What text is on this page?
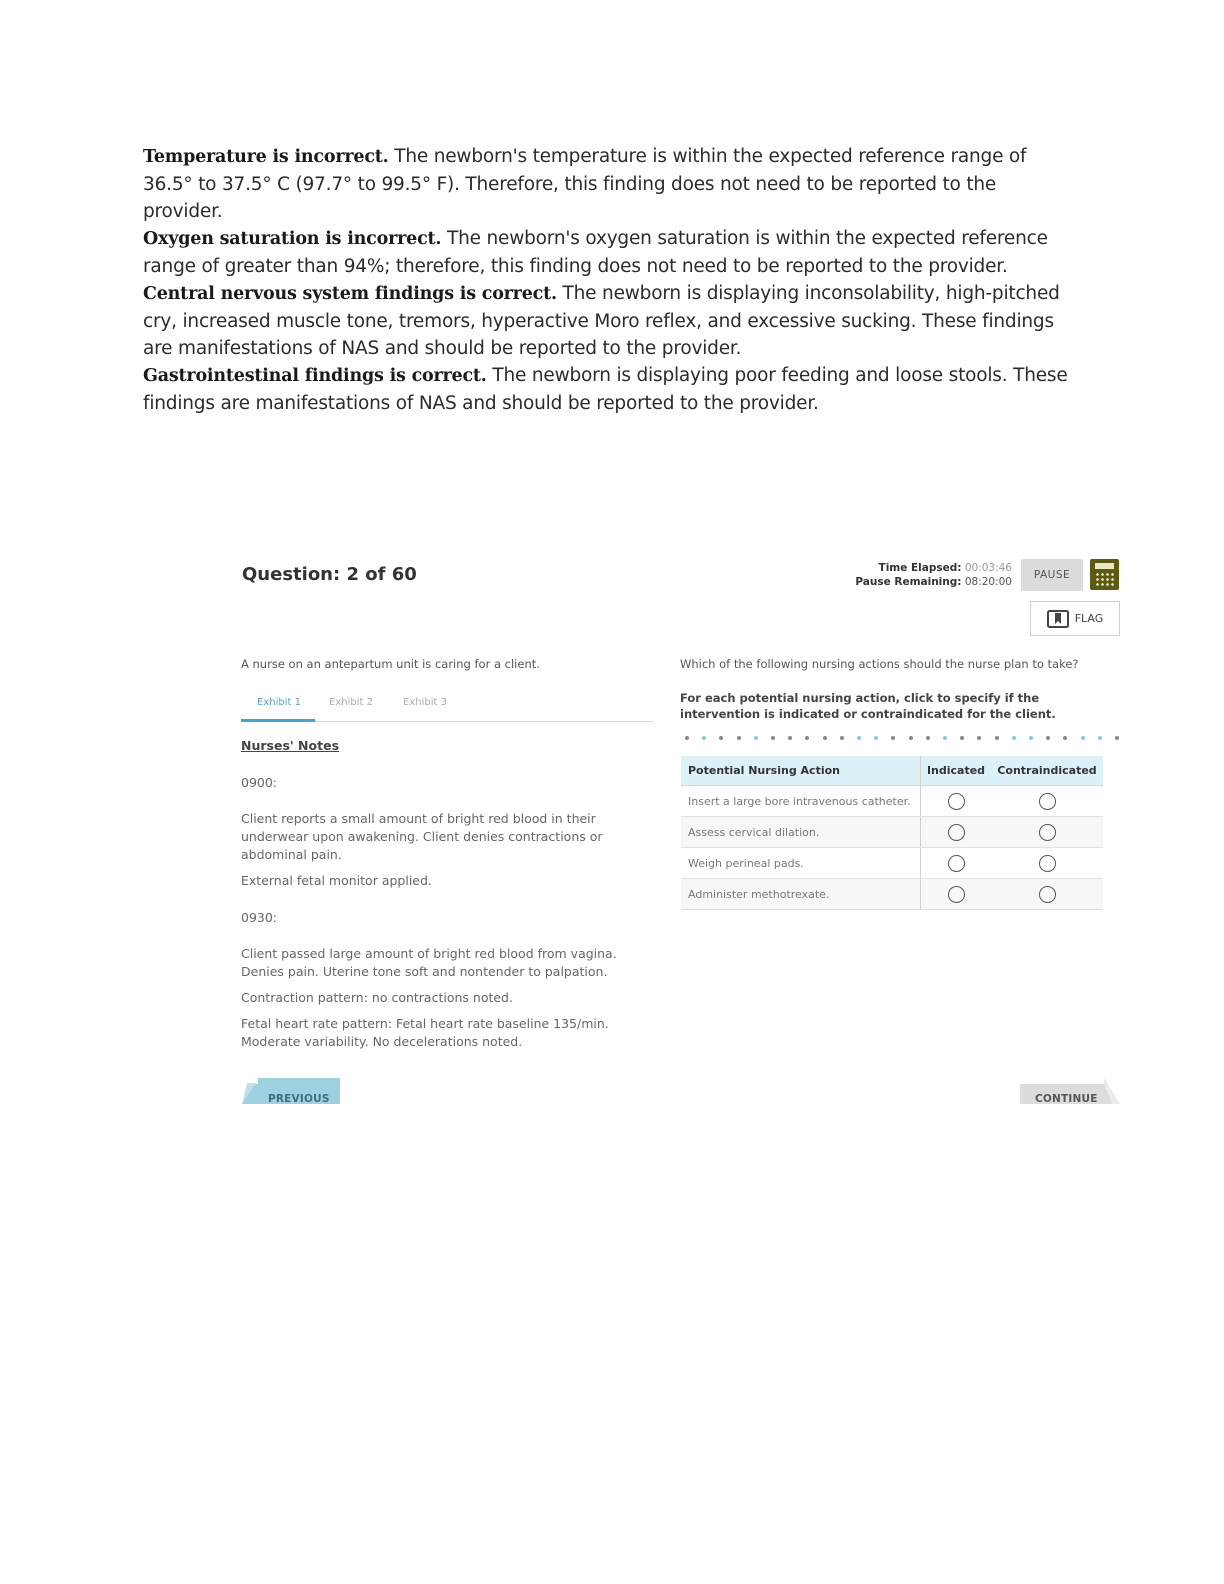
Temperature is incorrect. The newborn's temperature is within the expected reference range of 36.5° to 37.5° C (97.7° to 99.5° F). Therefore, this finding does not need to be reported to the provider.

Oxygen saturation is incorrect. The newborn's oxygen saturation is within the expected reference range of greater than 94%; therefore, this finding does not need to be reported to the provider.

Central nervous system findings is correct. The newborn is displaying inconsolability, high-pitched cry, increased muscle tone, tremors, hyperactive Moro reflex, and excessive sucking. These findings are manifestations of NAS and should be reported to the provider.

Gastrointestinal findings is correct. The newborn is displaying poor feeding and loose stools. These findings are manifestations of NAS and should be reported to the provider.

Question: 2 of 60	Time Elapsed: 00:03:46
Pause Remaining: 08:20:00
PAUSE
FLAG

A nurse on an antepartum unit is caring for a client.

Exhibit 1	Exhibit 2	Exhibit 3
Nurses' Notes
0900:
Client reports a small amount of bright red blood in their
underwear upon awakening. Client denies contractions or
abdominal pain.
External fetal monitor applied.
0930:
Client passed large amount of bright red blood from vagina.
Denies pain. Uterine tone soft and nontender to palpation.
Contraction pattern: no contractions noted.
Fetal heart rate pattern: Fetal heart rate baseline 135/min.
Moderate variability. No decelerations noted.
Which of the following nursing actions should the nurse plan to take?
For each potential nursing action, click to specify if the intervention is indicated or contraindicated for the client.
Potential Nursing Action	Indicated	Contraindicated
Insert a large bore intravenous catheter.		
Assess cervical dilation.		
Weigh perineal pads.		
Administer methotrexate.		
PREVIOUS	CONTINUE
